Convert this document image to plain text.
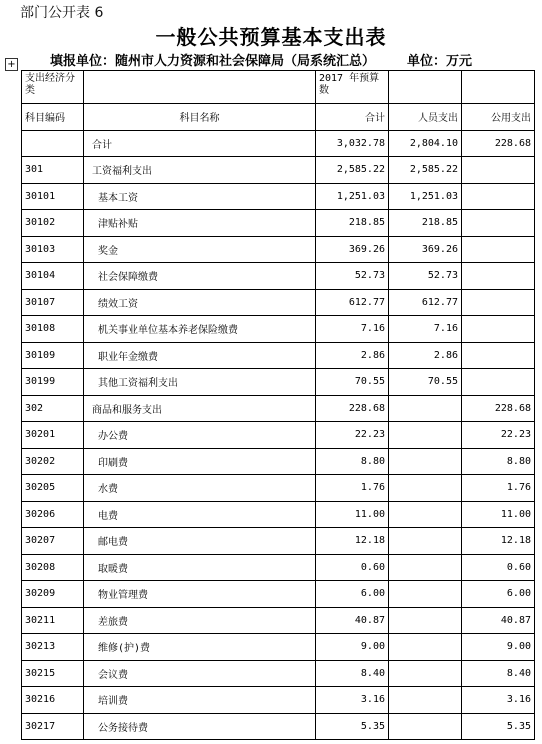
部门公开表 6
一般公共预算基本支出表
填报单位：随州市人力资源和社会保障局（局系统汇总） 单位：万元
+
支出经济分类		2017 年预算数		
科目编码	科目名称	合计	人员支出	公用支出
	合计	3,032.78	2,804.10	228.68
301	工资福利支出	2,585.22	2,585.22	
30101	基本工资	1,251.03	1,251.03	
30102	津贴补贴	218.85	218.85	
30103	奖金	369.26	369.26	
30104	社会保障缴费	52.73	52.73	
30107	绩效工资	612.77	612.77	
30108	机关事业单位基本养老保险缴费	7.16	7.16	
30109	职业年金缴费	2.86	2.86	
30199	其他工资福利支出	70.55	70.55	
302	商品和服务支出	228.68		228.68
30201	办公费	22.23		22.23
30202	印刷费	8.80		8.80
30205	水费	1.76		1.76
30206	电费	11.00		11.00
30207	邮电费	12.18		12.18
30208	取暖费	0.60		0.60
30209	物业管理费	6.00		6.00
30211	差旅费	40.87		40.87
30213	维修(护)费	9.00		9.00
30215	会议费	8.40		8.40
30216	培训费	3.16		3.16
30217	公务接待费	5.35		5.35
